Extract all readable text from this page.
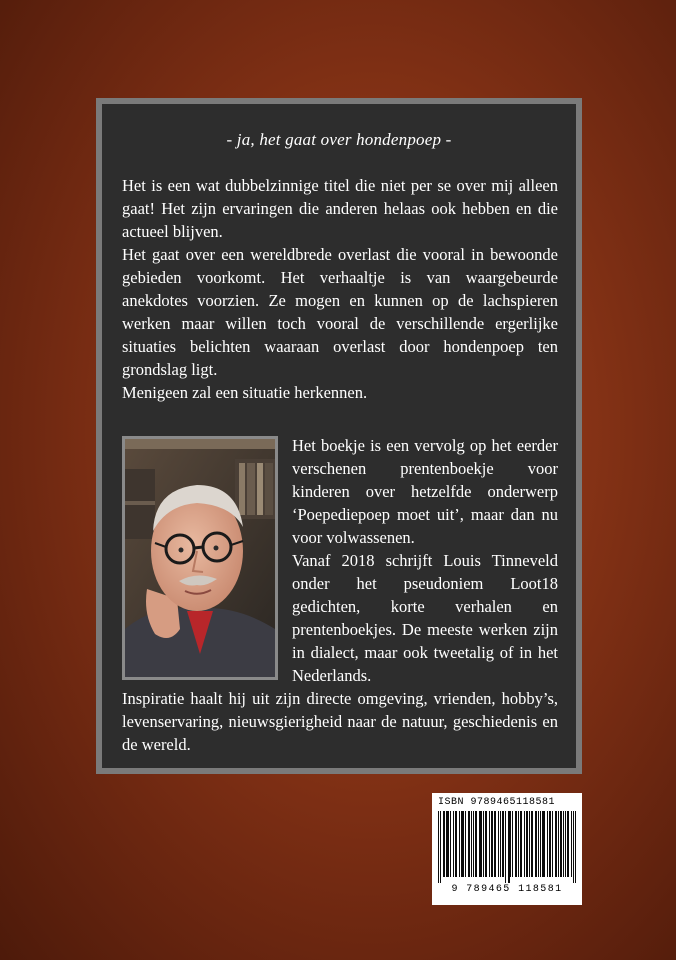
- ja, het gaat over hondenpoep -

Het is een wat dubbelzinnige titel die niet per se over mij alleen gaat! Het zijn ervaringen die anderen helaas ook hebben en die actueel blijven.

Het gaat over een wereldbrede overlast die vooral in bewoonde gebieden voorkomt. Het verhaaltje is van waargebeurde anekdotes voorzien. Ze mogen en kunnen op de lachspieren werken maar willen toch vooral de verschillende ergerlijke situaties belichten waaraan overlast door hondenpoep ten grondslag ligt.

Menigeen zal een situatie herkennen.

Het boekje is een vervolg op het eerder verschenen prentenboekje voor kinderen over hetzelfde onderwerp ‘Poepediepoep moet uit’, maar dan nu voor volwassenen.

Vanaf 2018 schrijft Louis Tinneveld onder het pseudoniem Loot18 gedichten, korte verhalen en prentenboekjes. De meeste werken zijn in dialect, maar ook tweetalig of in het Nederlands.

Inspiratie haalt hij uit zijn directe omgeving, vrienden, hobby’s, levenservaring, nieuwsgierigheid naar de natuur, geschiedenis en de wereld.
ISBN 9789465118581
9 789465 118581
